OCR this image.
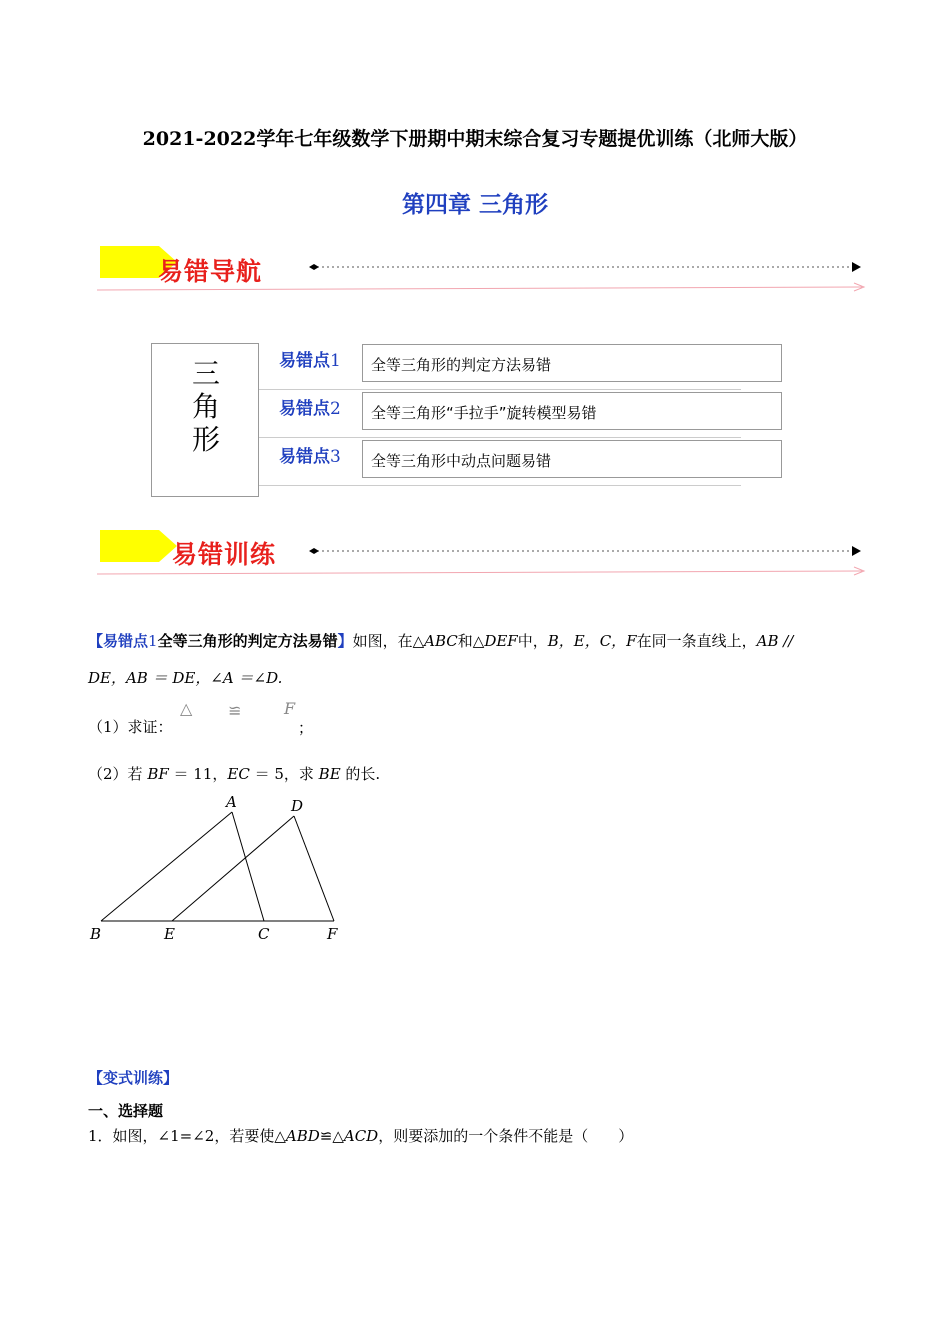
2021-2022学年七年级数学下册期中期末综合复习专题提优训练（北师大版）
第四章 三角形
易错导航
三
角
形
易错点1	全等三角形的判定方法易错
易错点2	全等三角形“手拉手”旋转模型易错
易错点3	全等三角形中动点问题易错
易错训练
【易错点1全等三角形的判定方法易错】如图，在△ABC和△DEF中，B，E，C，F在同一条直线上，AB //
DE，AB ＝ DE，∠A ＝∠D.
（1）求证：
△ ≌	F
；
（2）若 BF ＝ 11，EC ＝ 5，求 BE 的长.
A	D
B	E	C	F
【变式训练】
一、选择题
1．如图，∠1=∠2，若要使△ABD≌△ACD，则要添加的一个条件不能是（　　）
